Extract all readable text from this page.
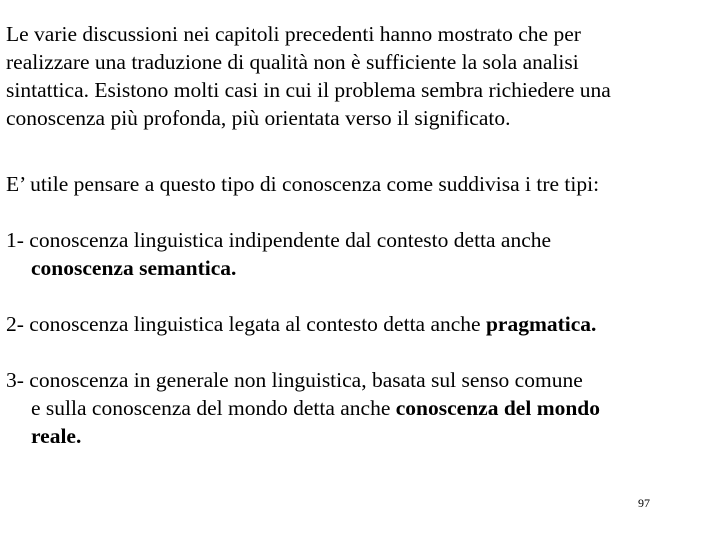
Le varie discussioni nei capitoli precedenti hanno mostrato che per
realizzare una traduzione di qualità non è sufficiente la sola analisi
sintattica. Esistono molti casi in cui il problema sembra richiedere una
conoscenza più profonda, più orientata verso il significato.
E’ utile pensare a questo tipo di conoscenza come suddivisa i tre tipi:
1- conoscenza linguistica indipendente dal contesto detta anche
conoscenza semantica.
2- conoscenza linguistica legata al contesto detta anche pragmatica.
3- conoscenza in generale non linguistica, basata sul senso comune
e sulla conoscenza del mondo detta anche conoscenza del mondo
reale.
97
